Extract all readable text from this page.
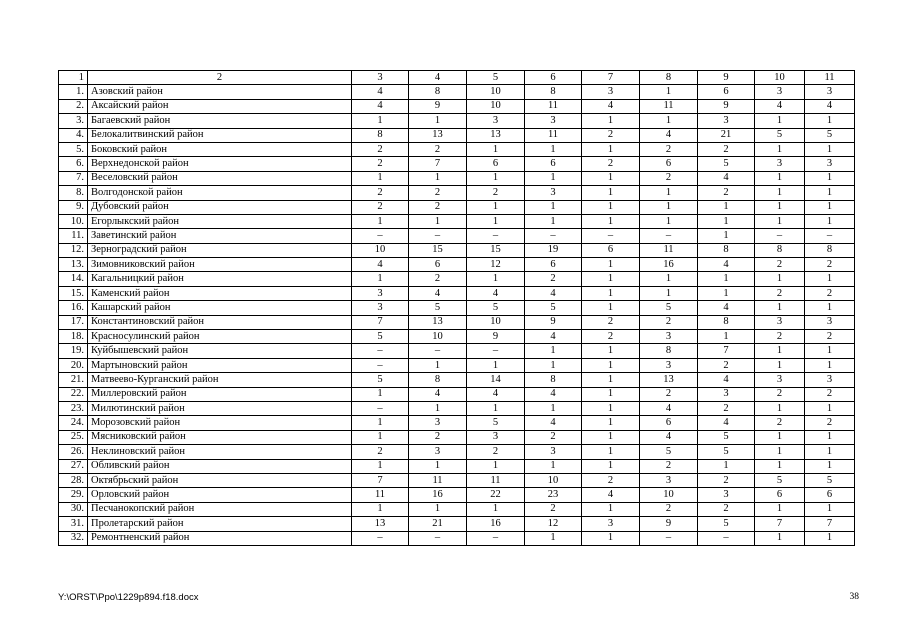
1	2	3	4	5	6	7	8	9	10	11
1.	Азовский район	4	8	10	8	3	1	6	3	3
2.	Аксайский район	4	9	10	11	4	11	9	4	4
3.	Багаевский район	1	1	3	3	1	1	3	1	1
4.	Белокалитвинский район	8	13	13	11	2	4	21	5	5
5.	Боковский район	2	2	1	1	1	2	2	1	1
6.	Верхнедонской район	2	7	6	6	2	6	5	3	3
7.	Веселовский район	1	1	1	1	1	2	4	1	1
8.	Волгодонской район	2	2	2	3	1	1	2	1	1
9.	Дубовский район	2	2	1	1	1	1	1	1	1
10.	Егорлыкский район	1	1	1	1	1	1	1	1	1
11.	Заветинский район	–	–	–	–	–	–	1	–	–
12.	Зерноградский район	10	15	15	19	6	11	8	8	8
13.	Зимовниковский район	4	6	12	6	1	16	4	2	2
14.	Кагальницкий район	1	2	1	2	1	1	1	1	1
15.	Каменский район	3	4	4	4	1	1	1	2	2
16.	Кашарский район	3	5	5	5	1	5	4	1	1
17.	Константиновский район	7	13	10	9	2	2	8	3	3
18.	Красносулинский район	5	10	9	4	2	3	1	2	2
19.	Куйбышевский район	–	–	–	1	1	8	7	1	1
20.	Мартыновский район	–	1	1	1	1	3	2	1	1
21.	Матвеево-Курганский район	5	8	14	8	1	13	4	3	3
22.	Миллеровский район	1	4	4	4	1	2	3	2	2
23.	Милютинский район	–	1	1	1	1	4	2	1	1
24.	Морозовский район	1	3	5	4	1	6	4	2	2
25.	Мясниковский район	1	2	3	2	1	4	5	1	1
26.	Неклиновский район	2	3	2	3	1	5	5	1	1
27.	Обливский район	1	1	1	1	1	2	1	1	1
28.	Октябрьский район	7	11	11	10	2	3	2	5	5
29.	Орловский район	11	16	22	23	4	10	3	6	6
30.	Песчанокопский район	1	1	1	2	1	2	2	1	1
31.	Пролетарский район	13	21	16	12	3	9	5	7	7
32.	Ремонтненский район	–	–	–	1	1	–	–	1	1
Y:\ORST\Ppo\1229p894.f18.docx	38
